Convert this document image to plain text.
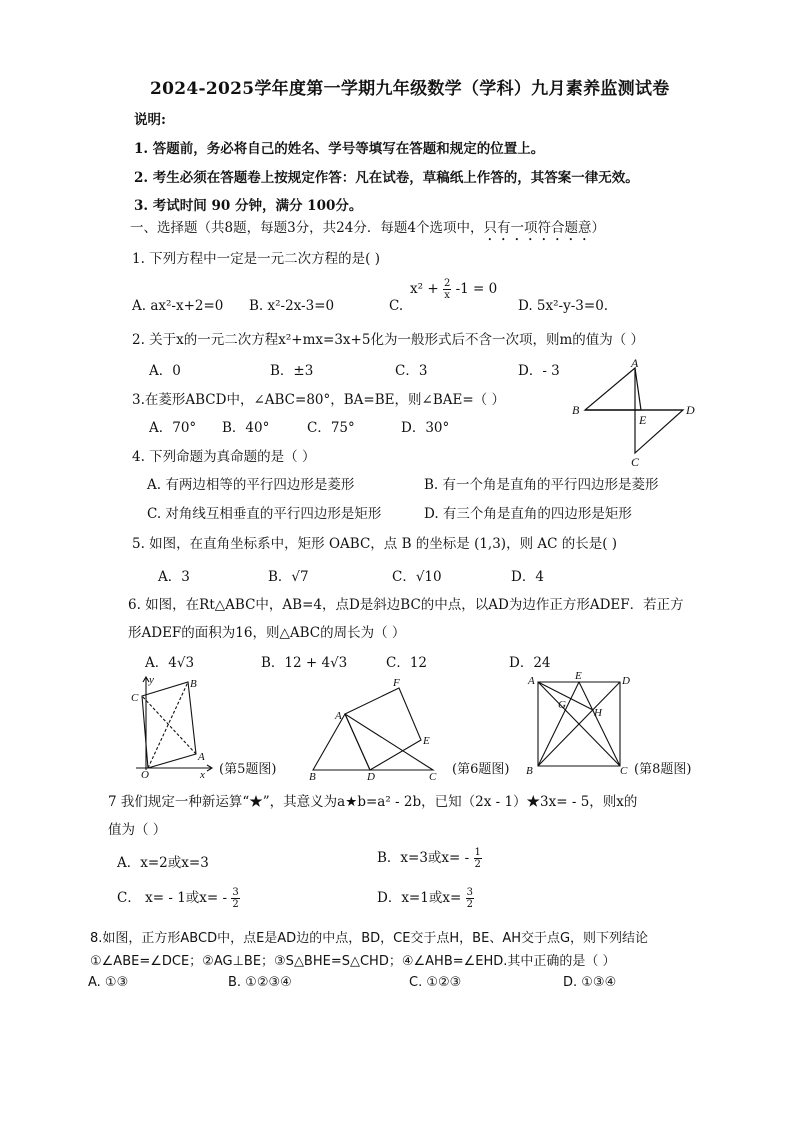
2024-2025学年度第一学期九年级数学（学科）九月素养监测试卷
说明:
1. 答题前，务必将自己的姓名、学号等填写在答题和规定的位置上。
2. 考生必须在答题卷上按规定作答：凡在试卷，草稿纸上作答的，其答案一律无效。
3. 考试时间 90 分钟，满分 100分。
一、选择题（共8题，每题3分，共24分．每题4个选项中，只有一项符合题意）
1. 下列方程中一定是一元二次方程的是( )
A. ax²-x+2=0 B. x²-2x-3=0	C.
$x^2 + \frac{2}{x} -1 = 0$
D. 5x²-y-3=0.
2. 关于x的一元二次方程x²+mx=3x+5化为一般形式后不含一次项，则m的值为（ ）
A．0	B．±3	C．3	D．- 3
3.在菱形ABCD中，∠ABC=80°，BA=BE，则∠BAE=（ ）
A．70° B．40°	C．75°	D．30°
A
B
E
D
C
4. 下列命题为真命题的是（ ）
A. 有两边相等的平行四边形是菱形	B. 有一个角是直角的平行四边形是菱形
C. 对角线互相垂直的平行四边形是矩形	D. 有三个角是直角的四边形是矩形
5. 如图，在直角坐标系中，矩形 OABC，点 B 的坐标是 (1,3)，则 AC 的长是( )
A．3	B．√7	C．√10	D．4
6. 如图，在Rt△ABC中，AB=4，点D是斜边BC的中点，以AD为边作正方形ADEF．若正方
形ADEF的面积为16，则△ABC的周长为（ ）
A．4√3	B．12 + 4√3	C．12	D．24
y	B
C
A
O	x (第5题图)
F
A
E
B	D	C (第6题图)
A	E	D
G
H
B	C (第8题图)
7 我们规定一种新运算“★”，其意义为a★b=a² - 2b，已知（2x - 1）★3x= - 5，则x的
值为（ ）
A．x=2或x=3	B．x=3或$x= - \frac{1}{2}$
C． x= - 1或$x= - \frac{3}{2}$	D．x=1或$x= \frac{3}{2}$
8.如图，正方形ABCD中，点E是AD边的中点，BD，CE交于点H，BE、AH交于点G，则下列结论
①∠ABE=∠DCE；②AG⊥BE；③S△BHE=S△CHD；④∠AHB=∠EHD.其中正确的是（ ）
A. ①③	B. ①②③④	C. ①②③	D. ①③④
